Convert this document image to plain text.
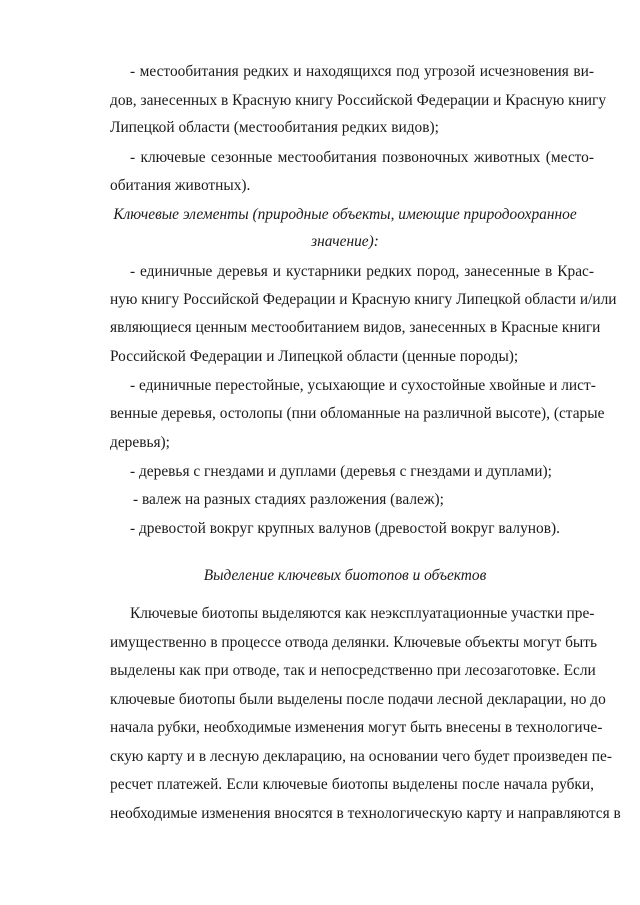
- местообитания редких и находящихся под угрозой исчезновения ви-
дов, занесенных в Красную книгу Российской Федерации и Красную книгу
Липецкой области (местообитания редких видов);
- ключевые сезонные местообитания позвоночных животных (место-
обитания животных).
Ключевые элементы (природные объекты, имеющие природоохранное
значение):
- единичные деревья и кустарники редких пород, занесенные в Крас-
ную книгу Российской Федерации и Красную книгу Липецкой области и/или
являющиеся ценным местообитанием видов, занесенных в Красные книги
Российской Федерации и Липецкой области (ценные породы);
- единичные перестойные, усыхающие и сухостойные хвойные и лист-
венные деревья, остолопы (пни обломанные на различной высоте), (старые
деревья);
- деревья с гнездами и дуплами (деревья с гнездами и дуплами);
- валеж на разных стадиях разложения (валеж);
- древостой вокруг крупных валунов (древостой вокруг валунов).
Выделение ключевых биотопов и объектов
Ключевые биотопы выделяются как неэксплуатационные участки пре-
имущественно в процессе отвода делянки. Ключевые объекты могут быть
выделены как при отводе, так и непосредственно при лесозаготовке. Если
ключевые биотопы были выделены после подачи лесной декларации, но до
начала рубки, необходимые изменения могут быть внесены в технологиче-
скую карту и в лесную декларацию, на основании чего будет произведен пе-
ресчет платежей. Если ключевые биотопы выделены после начала рубки,
необходимые изменения вносятся в технологическую карту и направляются в
